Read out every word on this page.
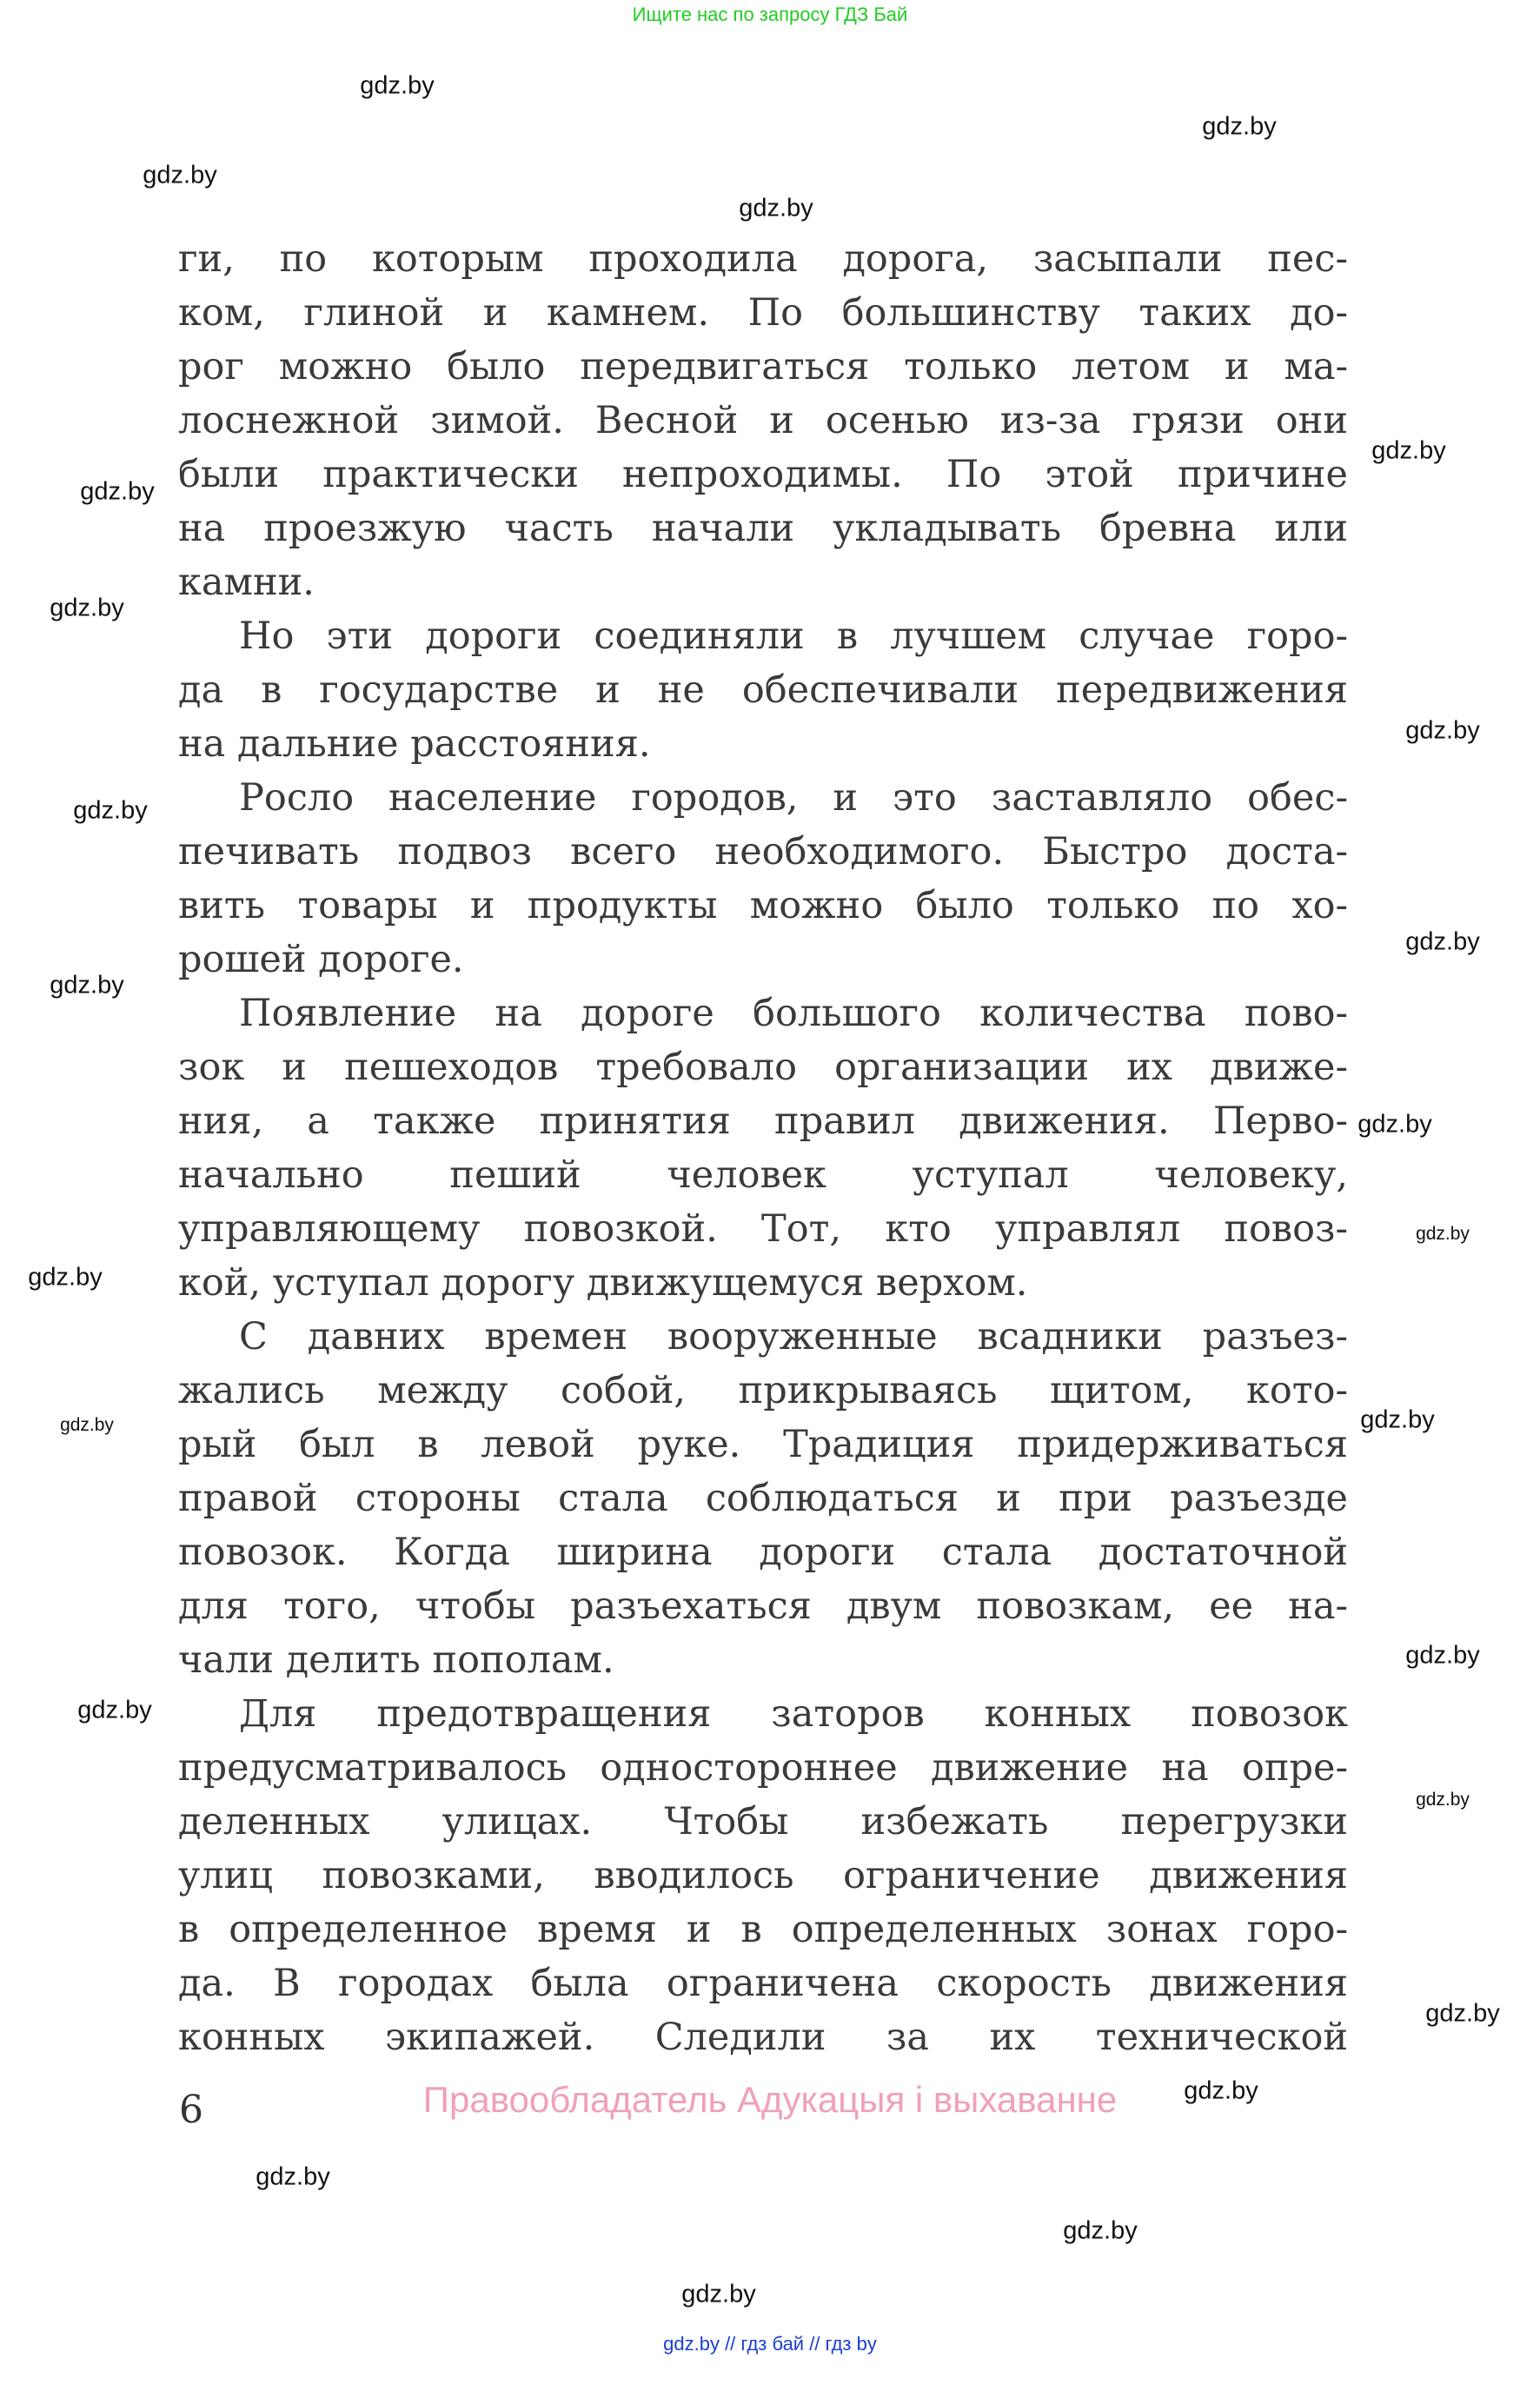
Ищите нас по запросу ГДЗ Бай
ги, по которым проходила дорога, засыпали пес-
ком, глиной и камнем. По большинству таких до-
рог можно было передвигаться только летом и ма-
лоснежной зимой. Весной и осенью из-за грязи они
были практически непроходимы. По этой причине
на проезжую часть начали укладывать бревна или
камни.
Но эти дороги соединяли в лучшем случае горо-
да в государстве и не обеспечивали передвижения
на дальние расстояния.
Росло население городов, и это заставляло обес-
печивать подвоз всего необходимого. Быстро доста-
вить товары и продукты можно было только по хо-
рошей дороге.
Появление на дороге большого количества пово-
зок и пешеходов требовало организации их движе-
ния, а также принятия правил движения. Перво-
начально пеший человек уступал человеку,
управляющему повозкой. Тот, кто управлял повоз-
кой, уступал дорогу движущемуся верхом.
С давних времен вооруженные всадники разъез-
жались между собой, прикрываясь щитом, кото-
рый был в левой руке. Традиция придерживаться
правой стороны стала соблюдаться и при разъезде
повозок. Когда ширина дороги стала достаточной
для того, чтобы разъехаться двум повозкам, ее на-
чали делить пополам.
Для предотвращения заторов конных повозок
предусматривалось одностороннее движение на опре-
деленных улицах. Чтобы избежать перегрузки
улиц повозками, вводилось ограничение движения
в определенное время и в определенных зонах горо-
да. В городах была ограничена скорость движения
конных экипажей. Следили за их технической
gdz.by
gdz.by
gdz.by
gdz.by
gdz.by
gdz.by
gdz.by
gdz.by
gdz.by
gdz.by
gdz.by
gdz.by
gdz.by
gdz.by
gdz.by	gdz.by
gdz.by
gdz.by
gdz.by
gdz.by
gdz.by
gdz.by
gdz.by
gdz.by
6	Правообладатель Адукацыя і выхаванне
gdz.by // гдз бай // гдз by
